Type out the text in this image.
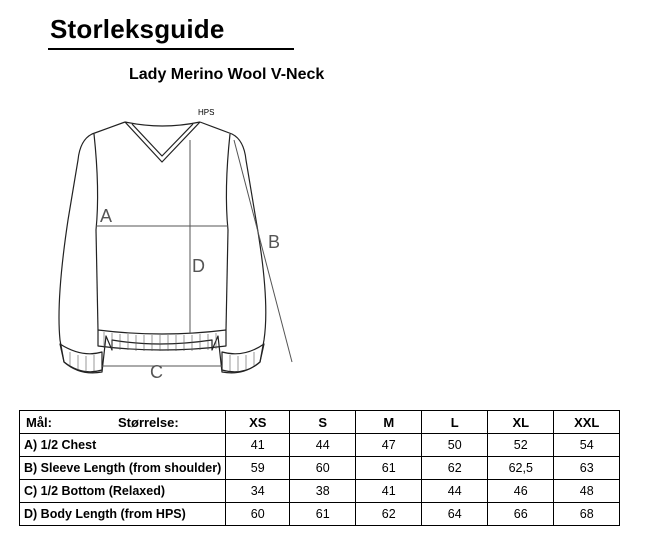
Storleksguide
Lady Merino Wool V-Neck
A
B
C
D
HPS
Mål: Størrelse:	XS	S	M	L	XL	XXL
A) 1/2 Chest	41	44	47	50	52	54
B) Sleeve Length (from shoulder)	59	60	61	62	62,5	63
C) 1/2 Bottom (Relaxed)	34	38	41	44	46	48
D) Body Length (from HPS)	60	61	62	64	66	68
